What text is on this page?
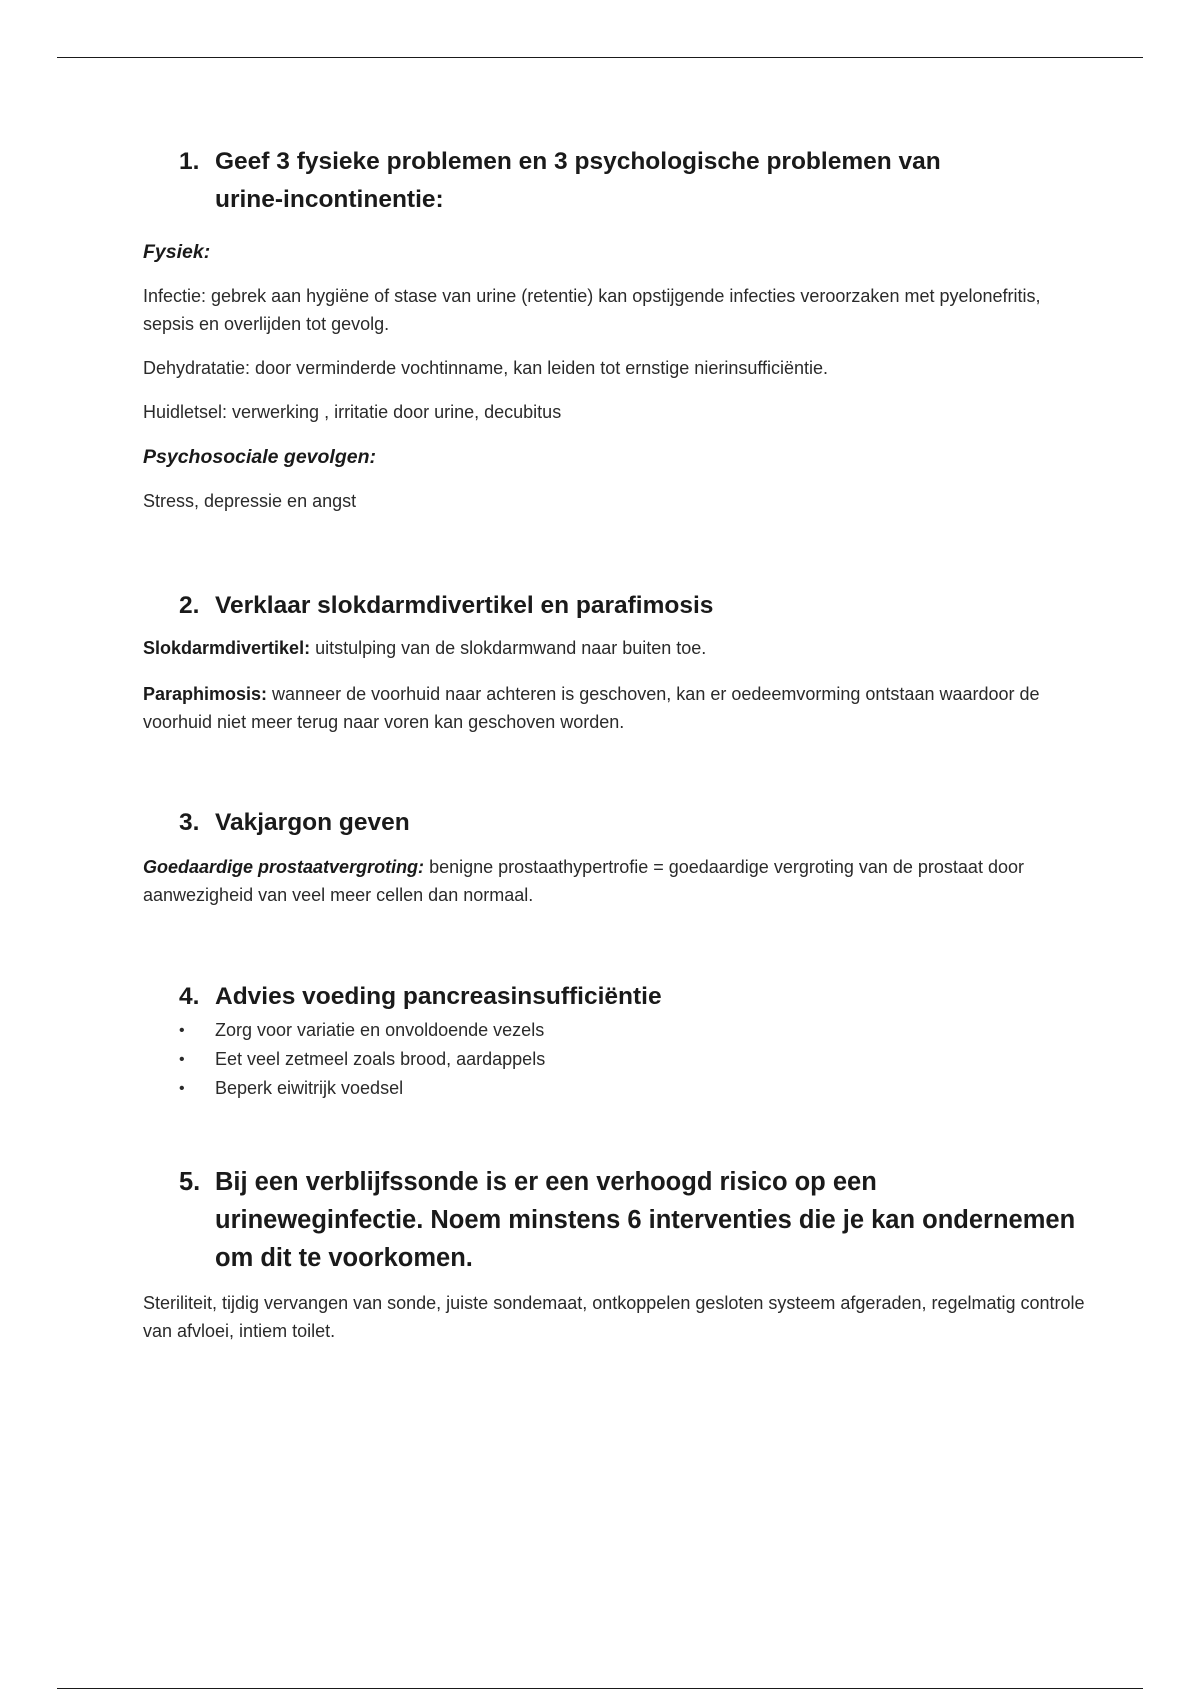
1. Geef 3 fysieke problemen en 3 psychologische problemen van urine-incontinentie:

Fysiek:

Infectie: gebrek aan hygiëne of stase van urine (retentie) kan opstijgende infecties veroorzaken met pyelonefritis, sepsis en overlijden tot gevolg.

Dehydratatie: door verminderde vochtinname, kan leiden tot ernstige nierinsufficiëntie.

Huidletsel: verwerking , irritatie door urine, decubitus

Psychosociale gevolgen:

Stress, depressie en angst

2. Verklaar slokdarmdivertikel en parafimosis

Slokdarmdivertikel: uitstulping van de slokdarmwand naar buiten toe.

Paraphimosis: wanneer de voorhuid naar achteren is geschoven, kan er oedeemvorming ontstaan waardoor de voorhuid niet meer terug naar voren kan geschoven worden.

3. Vakjargon geven

Goedaardige prostaatvergroting: benigne prostaathypertrofie = goedaardige vergroting van de prostaat door aanwezigheid van veel meer cellen dan normaal.

4. Advies voeding pancreasinsufficiëntie
•	Zorg voor variatie en onvoldoende vezels
•	Eet veel zetmeel zoals brood, aardappels
•	Beperk eiwitrijk voedsel
5. Bij een verblijfssonde is er een verhoogd risico op een urineweginfectie. Noem minstens 6 interventies die je kan ondernemen om dit te voorkomen.

Steriliteit, tijdig vervangen van sonde, juiste sondemaat, ontkoppelen gesloten systeem afgeraden, regelmatig controle van afvloei, intiem toilet.
